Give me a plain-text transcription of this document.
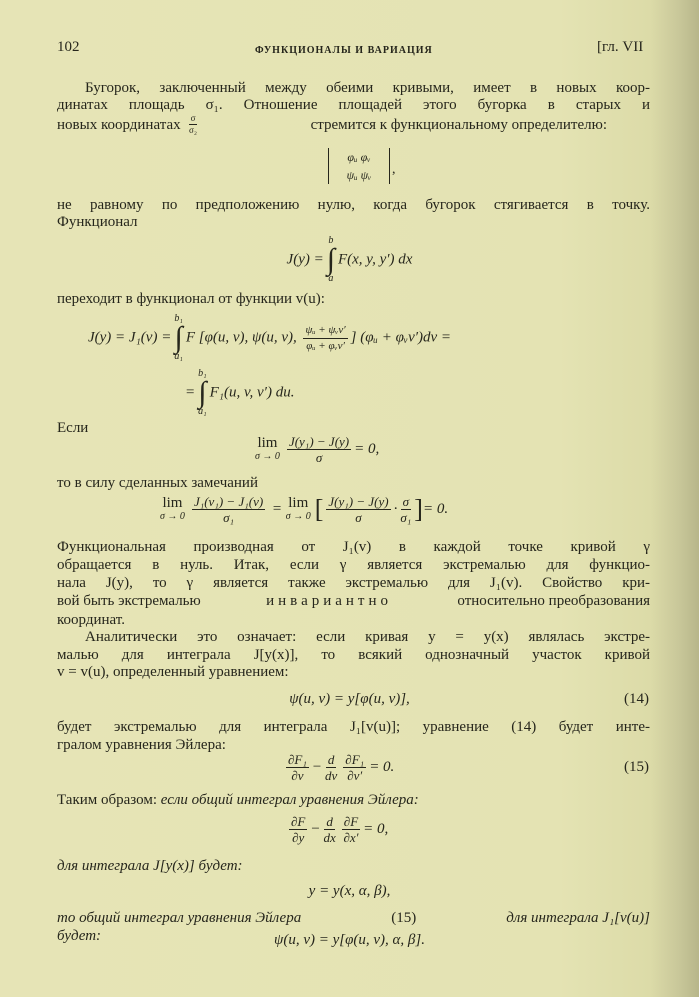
102	ФУНКЦИОНАЛЫ И ВАРИАЦИЯ	[гл. VII
Бугорок, заключенный между обеими кривыми, имеет в новых коор-
динатах площадь σ₁. Отношение площадей этого бугорка в старых и
новых координатах σ
σ₂	стремится к функциональному определителю:
φᵤ φᵥ
ψᵤ ψᵥ	,
не равному по предположению нулю, когда бугорок стягивается в точку.
Функционал
J(y) =
b
∫
a
F(x, y, y′) dx
переходит в функционал от функции v(u):
J(y) = J₁(v) =
b₁
∫
a₁
F [φ(u, v), ψ(u, v), ψᵤ + ψᵥv′
φᵤ + φᵥv′
] (φᵤ + φᵥv′)dv =
=
b₁
∫
a₁
F₁(u, v, v′) du.
Если
lim
$\sigma \to 0 \frac{\text{J(y₁) − J(y)}}{\sigma} = 0$,
то в силу сделанных замечаний
lim
$\sigma \to 0 \frac{\text{J₁(v₁) − J₁(v)}}{\text{σ₁}} = \lim$
σ → 0 [ $\frac{\text{J(y₁) − J(y)}}{\sigma} \cdot \frac{\sigma}{\text{σ₁}}$ ]= 0.
Функциональная производная от J₁(v) в каждой точке кривой γ
обращается в нуль. Итак, если γ является экстремалью для функцио-
нала J(y), то γ является также экстремалью для J₁(v). Свойство кри-
вой быть экстремалью	инвариантно	относительно преобразования
координат.
Аналитически это означает: если кривая y = y(x) являлась экстре-
малью для интеграла J[y(x)], то всякий однозначный участок кривой
v = v(u), определенный уравнением:
ψ(u, v) = y[φ(u, v)],	(14)
будет экстремалью для интеграла J₁[v(u)]; уравнение (14) будет инте-
гралом уравнения Эйлера:
$\frac{\text{∂F₁}}{\partial v} - \frac{d}{dv} \frac{\text{∂F₁}}{\partial v'} = 0$.	(15)
Таким образом: если общий интеграл уравнения Эйлера:
$\frac{\partial F}{\partial y} - \frac{d}{dx} \frac{\partial F}{\partial x'} = 0$,
для интеграла J[y(x)] будет:
y = y(x, α, β),
то общий интеграл уравнения Эйлера	(15)	для интеграла J₁[v(u)]
будет:	ψ(u, v) = y[φ(u, v), α, β].
